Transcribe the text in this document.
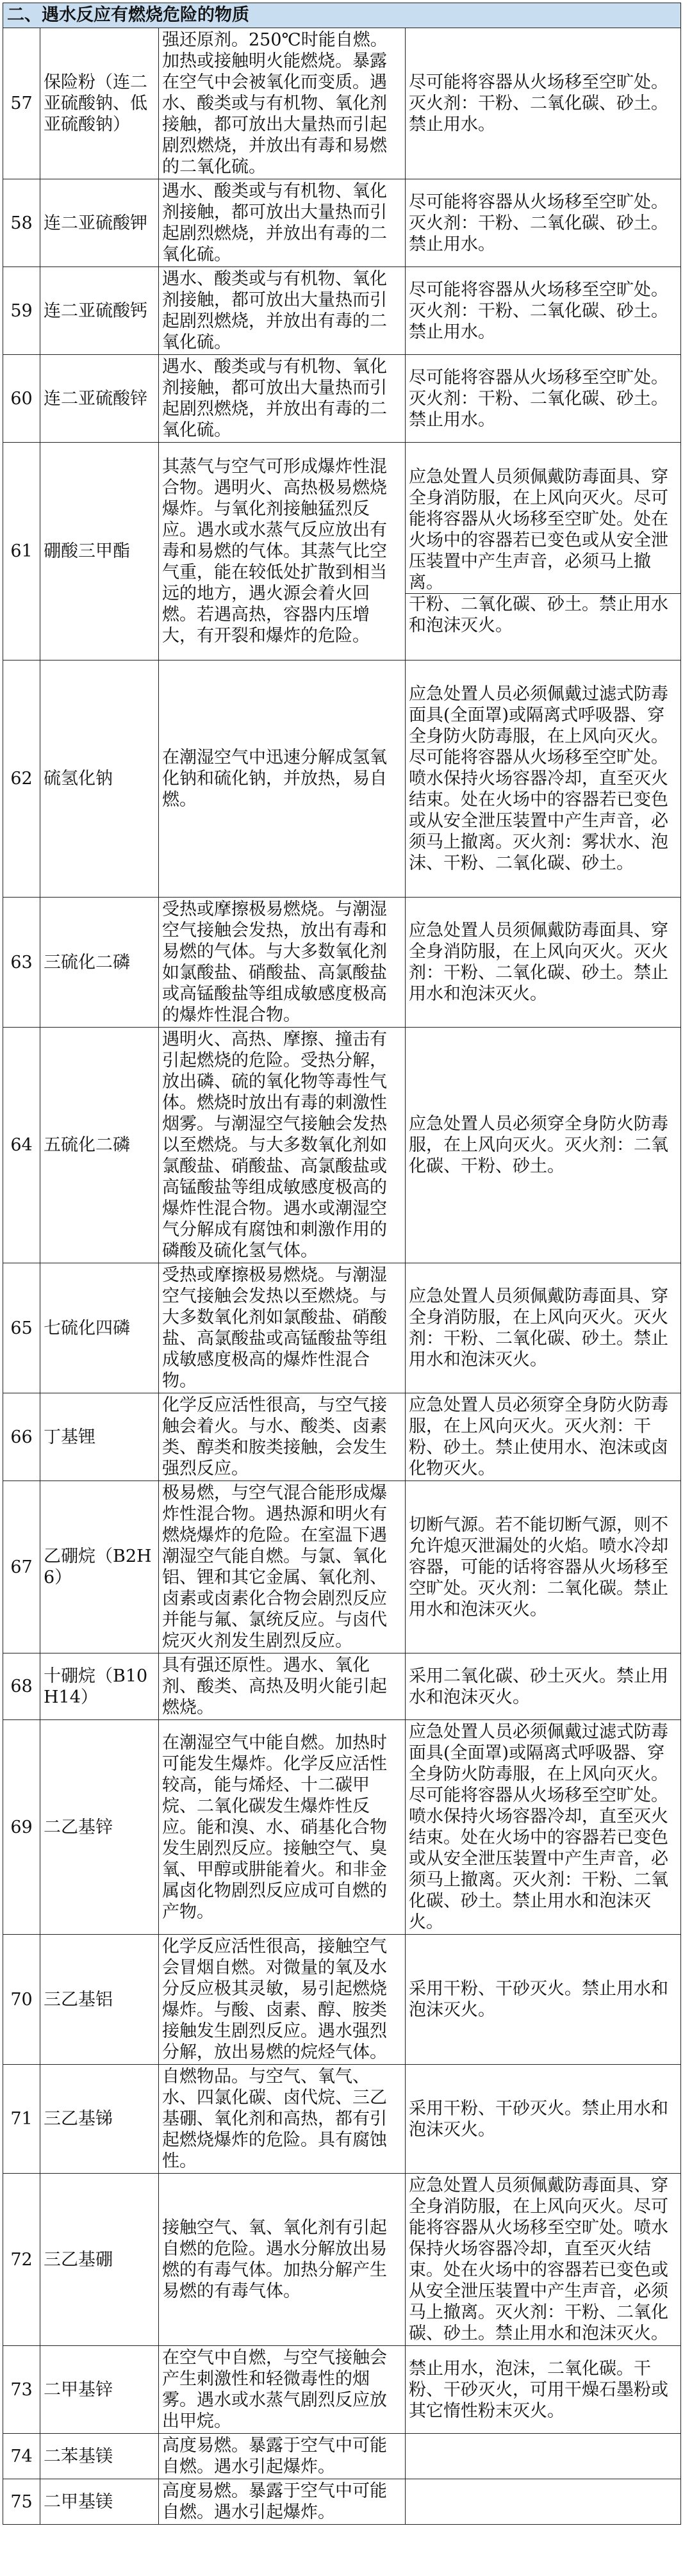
二、遇水反应有燃烧危险的物质			
57	保险粉（连二亚硫酸钠、低亚硫酸钠）	强还原剂。250℃时能自燃。加热或接触明火能燃烧。暴露在空气中会被氧化而变质。遇水、酸类或与有机物、氧化剂接触，都可放出大量热而引起剧烈燃烧，并放出有毒和易燃的二氧化硫。	尽可能将容器从火场移至空旷处。灭火剂：干粉、二氧化碳、砂土。禁止用水。
58	连二亚硫酸钾	遇水、酸类或与有机物、氧化剂接触，都可放出大量热而引起剧烈燃烧，并放出有毒的二氧化硫。	尽可能将容器从火场移至空旷处。灭火剂：干粉、二氧化碳、砂土。禁止用水。
59	连二亚硫酸钙	遇水、酸类或与有机物、氧化剂接触，都可放出大量热而引起剧烈燃烧，并放出有毒的二氧化硫。	尽可能将容器从火场移至空旷处。灭火剂：干粉、二氧化碳、砂土。禁止用水。
60	连二亚硫酸锌	遇水、酸类或与有机物、氧化剂接触，都可放出大量热而引起剧烈燃烧，并放出有毒的二氧化硫。	尽可能将容器从火场移至空旷处。灭火剂：干粉、二氧化碳、砂土。禁止用水。
61	硼酸三甲酯	其蒸气与空气可形成爆炸性混合物。遇明火、高热极易燃烧爆炸。与氧化剂接触猛烈反应。遇水或水蒸气反应放出有毒和易燃的气体。其蒸气比空气重，能在较低处扩散到相当远的地方，遇火源会着火回燃。若遇高热，容器内压增大，有开裂和爆炸的危险。	应急处置人员须佩戴防毒面具、穿全身消防服，在上风向灭火。尽可能将容器从火场移至空旷处。处在火场中的容器若已变色或从安全泄压装置中产生声音，必须马上撤离。
干粉、二氧化碳、砂土。禁止用水和泡沫灭火。

62	硫氢化钠	在潮湿空气中迅速分解成氢氧化钠和硫化钠，并放热，易自燃。	应急处置人员必须佩戴过滤式防毒面具(全面罩)或隔离式呼吸器、穿全身防火防毒服，在上风向灭火。尽可能将容器从火场移至空旷处。喷水保持火场容器冷却，直至灭火结束。处在火场中的容器若已变色或从安全泄压装置中产生声音，必须马上撤离。灭火剂：雾状水、泡沫、干粉、二氧化碳、砂土。
63	三硫化二磷	受热或摩擦极易燃烧。与潮湿空气接触会发热，放出有毒和易燃的气体。与大多数氧化剂如氯酸盐、硝酸盐、高氯酸盐或高锰酸盐等组成敏感度极高的爆炸性混合物。	应急处置人员须佩戴防毒面具、穿全身消防服，在上风向灭火。灭火剂：干粉、二氧化碳、砂土。禁止用水和泡沫灭火。
64	五硫化二磷	遇明火、高热、摩擦、撞击有引起燃烧的危险。受热分解，放出磷、硫的氧化物等毒性气体。燃烧时放出有毒的刺激性烟雾。与潮湿空气接触会发热以至燃烧。与大多数氧化剂如氯酸盐、硝酸盐、高氯酸盐或高锰酸盐等组成敏感度极高的爆炸性混合物。遇水或潮湿空气分解成有腐蚀和刺激作用的磷酸及硫化氢气体。	应急处置人员必须穿全身防火防毒服，在上风向灭火。灭火剂：二氧化碳、干粉、砂土。
65	七硫化四磷	受热或摩擦极易燃烧。与潮湿空气接触会发热以至燃烧。与大多数氧化剂如氯酸盐、硝酸盐、高氯酸盐或高锰酸盐等组成敏感度极高的爆炸性混合物。	应急处置人员须佩戴防毒面具、穿全身消防服，在上风向灭火。灭火剂：干粉、二氧化碳、砂土。禁止用水和泡沫灭火。
66	丁基锂	化学反应活性很高，与空气接触会着火。与水、酸类、卤素类、醇类和胺类接触，会发生强烈反应。	应急处置人员必须穿全身防火防毒服，在上风向灭火。灭火剂：干粉、砂土。禁止使用水、泡沫或卤化物灭火。
67	乙硼烷（B2H6）	极易燃，与空气混合能形成爆炸性混合物。遇热源和明火有燃烧爆炸的危险。在室温下遇潮湿空气能自燃。与氯、氧化铝、锂和其它金属、氧化剂、卤素或卤素化合物会剧烈反应并能与氟、氯统反应。与卤代烷灭火剂发生剧烈反应。	切断气源。若不能切断气源，则不允许熄灭泄漏处的火焰。喷水冷却容器，可能的话将容器从火场移至空旷处。灭火剂：二氧化碳。禁止用水和泡沫灭火。
68	十硼烷（B10H14）	具有强还原性。遇水、氧化剂、酸类、高热及明火能引起燃烧。	采用二氧化碳、砂土灭火。禁止用水和泡沫灭火。
69	二乙基锌	在潮湿空气中能自燃。加热时可能发生爆炸。化学反应活性较高，能与烯烃、十二碳甲烷、二氧化碳发生爆炸性反应。能和溴、水、硝基化合物发生剧烈反应。接触空气、臭氧、甲醇或肼能着火。和非金属卤化物剧烈反应成可自燃的产物。	应急处置人员必须佩戴过滤式防毒面具(全面罩)或隔离式呼吸器、穿全身防火防毒服，在上风向灭火。尽可能将容器从火场移至空旷处。喷水保持火场容器冷却，直至灭火结束。处在火场中的容器若已变色或从安全泄压装置中产生声音，必须马上撤离。灭火剂：干粉、二氧化碳、砂土。禁止用水和泡沫灭火。
70	三乙基铝	化学反应活性很高，接触空气会冒烟自燃。对微量的氧及水分反应极其灵敏，易引起燃烧爆炸。与酸、卤素、醇、胺类接触发生剧烈反应。遇水强烈分解，放出易燃的烷烃气体。	采用干粉、干砂灭火。禁止用水和泡沫灭火。
71	三乙基锑	自燃物品。与空气、氧气、水、四氯化碳、卤代烷、三乙基硼、氧化剂和高热，都有引起燃烧爆炸的危险。具有腐蚀性。	采用干粉、干砂灭火。禁止用水和泡沫灭火。
72	三乙基硼	接触空气、氧、氧化剂有引起自燃的危险。遇水分解放出易燃的有毒气体。加热分解产生易燃的有毒气体。	应急处置人员须佩戴防毒面具、穿全身消防服，在上风向灭火。尽可能将容器从火场移至空旷处。喷水保持火场容器冷却，直至灭火结束。处在火场中的容器若已变色或从安全泄压装置中产生声音，必须马上撤离。灭火剂：干粉、二氧化碳、砂土。禁止用水和泡沫灭火。
73	二甲基锌	在空气中自燃，与空气接触会产生刺激性和轻微毒性的烟雾。遇水或水蒸气剧烈反应放出甲烷。	禁止用水，泡沫，二氧化碳。干粉、干砂灭火，可用干燥石墨粉或其它惰性粉末灭火。
74	二苯基镁	高度易燃。暴露于空气中可能自燃。遇水引起爆炸。	
75	二甲基镁	高度易燃。暴露于空气中可能自燃。遇水引起爆炸。	
